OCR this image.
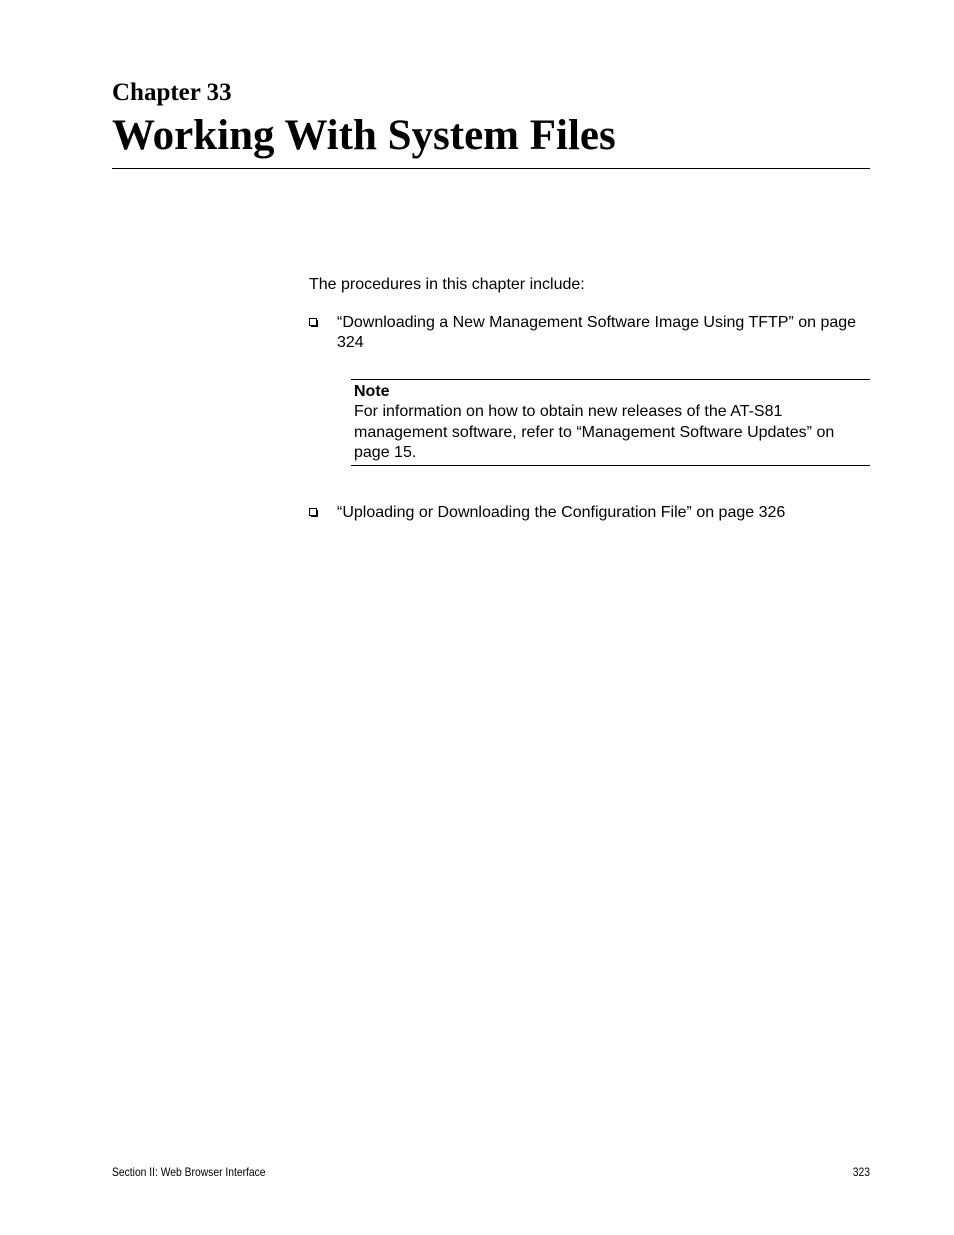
Chapter 33
Working With System Files

The procedures in this chapter include:

“Downloading a New Management Software Image Using TFTP” on page 324
Note
For information on how to obtain new releases of the AT-S81 management software, refer to “Management Software Updates” on page 15.
“Uploading or Downloading the Configuration File” on page 326
Section II: Web Browser Interface	323
